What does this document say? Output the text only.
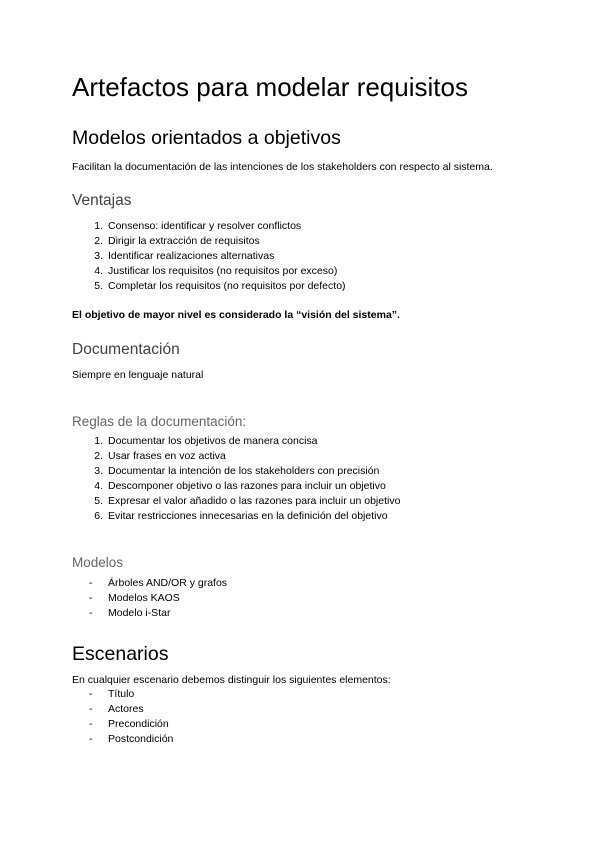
Artefactos para modelar requisitos
Modelos orientados a objetivos
Facilitan la documentación de las intenciones de los stakeholders con respecto al sistema.
Ventajas
1. Consenso: identificar y resolver conflictos
2. Dirigir la extracción de requisitos
3. Identificar realizaciones alternativas
4. Justificar los requisitos (no requisitos por exceso)
5. Completar los requisitos (no requisitos por defecto)
El objetivo de mayor nivel es considerado la “visión del sistema”.
Documentación
Siempre en lenguaje natural
Reglas de la documentación:
1. Documentar los objetivos de manera concisa
2. Usar frases en voz activa
3. Documentar la intención de los stakeholders con precisión
4. Descomponer objetivo o las razones para incluir un objetivo
5. Expresar el valor añadido o las razones para incluir un objetivo
6. Evitar restricciones innecesarias en la definición del objetivo
Modelos
-	Árboles AND/OR y grafos
-	Modelos KAOS
-	Modelo i-Star
Escenarios
En cualquier escenario debemos distinguir los siguientes elementos:
-	Título
-	Actores
-	Precondición
-	Postcondición
